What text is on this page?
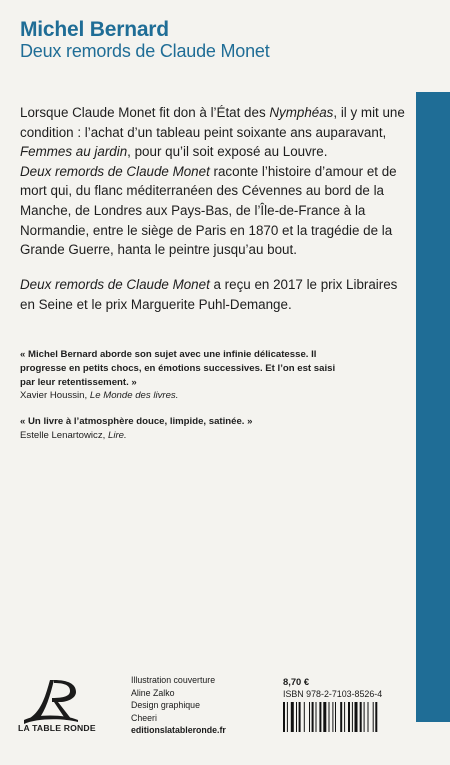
Michel Bernard
Deux remords de Claude Monet
Lorsque Claude Monet fit don à l’État des Nymphéas, il y mit une condition : l’achat d’un tableau peint soixante ans auparavant, Femmes au jardin, pour qu’il soit exposé au Louvre.
Deux remords de Claude Monet raconte l’histoire d’amour et de mort qui, du flanc méditerranéen des Cévennes au bord de la Manche, de Londres aux Pays-Bas, de l’Île-de-France à la Normandie, entre le siège de Paris en 1870 et la tragédie de la Grande Guerre, hanta le peintre jusqu’au bout.
Deux remords de Claude Monet a reçu en 2017 le prix Libraires en Seine et le prix Marguerite Puhl-Demange.
« Michel Bernard aborde son sujet avec une infinie délicatesse. Il progresse en petits chocs, en émotions successives. Et l’on est saisi par leur retentissement. »
Xavier Houssin, Le Monde des livres.
« Un livre à l’atmosphère douce, limpide, satinée. »
Estelle Lenartowicz, Lire.
LA TABLE RONDE
Illustration couverture
Aline Zalko
Design graphique
Cheeri
editionslatableronde.fr
8,70 €
ISBN 978-2-7103-8526-4
